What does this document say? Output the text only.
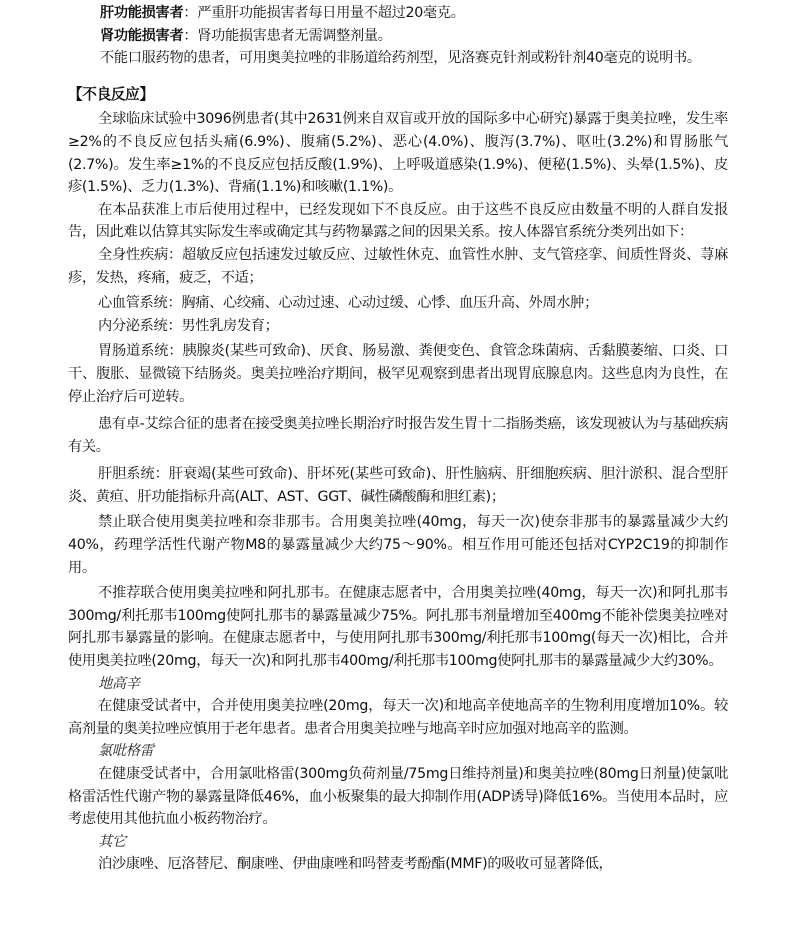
肝功能损害者：严重肝功能损害者每日用量不超过20毫克。

肾功能损害者：肾功能损害患者无需调整剂量。

不能口服药物的患者，可用奥美拉唑的非肠道给药剂型，见洛赛克针剂或粉针剂40毫克的说明书。

【不良反应】

全球临床试验中3096例患者(其中2631例来自双盲或开放的国际多中心研究)暴露于奥美拉唑，发生率≥2%的不良反应包括头痛(6.9%)、腹痛(5.2%)、恶心(4.0%)、腹泻(3.7%)、呕吐(3.2%)和胃肠胀气(2.7%)。发生率≥1%的不良反应包括反酸(1.9%)、上呼吸道感染(1.9%)、便秘(1.5%)、头晕(1.5%)、皮疹(1.5%)、乏力(1.3%)、背痛(1.1%)和咳嗽(1.1%)。

在本品获准上市后使用过程中，已经发现如下不良反应。由于这些不良反应由数量不明的人群自发报告，因此难以估算其实际发生率或确定其与药物暴露之间的因果关系。按人体器官系统分类列出如下：

全身性疾病：超敏反应包括速发过敏反应、过敏性休克、血管性水肿、支气管痉挛、间质性肾炎、荨麻疹，发热，疼痛，疲乏，不适；

心血管系统：胸痛、心绞痛、心动过速、心动过缓、心悸、血压升高、外周水肿；

内分泌系统：男性乳房发育；

胃肠道系统：胰腺炎(某些可致命)、厌食、肠易激、粪便变色、食管念珠菌病、舌黏膜萎缩、口炎、口干、腹胀、显微镜下结肠炎。奥美拉唑治疗期间，极罕见观察到患者出现胃底腺息肉。这些息肉为良性，在停止治疗后可逆转。

患有卓-艾综合征的患者在接受奥美拉唑长期治疗时报告发生胃十二指肠类癌，该发现被认为与基础疾病有关。

肝胆系统：肝衰竭(某些可致命)、肝坏死(某些可致命)、肝性脑病、肝细胞疾病、胆汁淤积、混合型肝炎、黄疸、肝功能指标升高(ALT、AST、GGT、碱性磷酸酶和胆红素)；

禁止联合使用奥美拉唑和奈非那韦。合用奥美拉唑(40mg，每天一次)使奈非那韦的暴露量减少大约40%，药理学活性代谢产物M8的暴露量减少大约75～90%。相互作用可能还包括对CYP2C19的抑制作用。

不推荐联合使用奥美拉唑和阿扎那韦。在健康志愿者中，合用奥美拉唑(40mg，每天一次)和阿扎那韦300mg/利托那韦100mg使阿扎那韦的暴露量减少75%。阿扎那韦剂量增加至400mg不能补偿奥美拉唑对阿扎那韦暴露量的影响。在健康志愿者中，与使用阿扎那韦300mg/利托那韦100mg(每天一次)相比，合并使用奥美拉唑(20mg，每天一次)和阿扎那韦400mg/利托那韦100mg使阿扎那韦的暴露量减少大约30%。

地高辛

在健康受试者中，合并使用奥美拉唑(20mg，每天一次)和地高辛使地高辛的生物利用度增加10%。较高剂量的奥美拉唑应慎用于老年患者。患者合用奥美拉唑与地高辛时应加强对地高辛的监测。

氯吡格雷

在健康受试者中，合用氯吡格雷(300mg负荷剂量/75mg日维持剂量)和奥美拉唑(80mg日剂量)使氯吡格雷活性代谢产物的暴露量降低46%，血小板聚集的最大抑制作用(ADP诱导)降低16%。当使用本品时，应考虑使用其他抗血小板药物治疗。

其它

泊沙康唑、厄洛替尼、酮康唑、伊曲康唑和吗替麦考酚酯(MMF)的吸收可显著降低，
